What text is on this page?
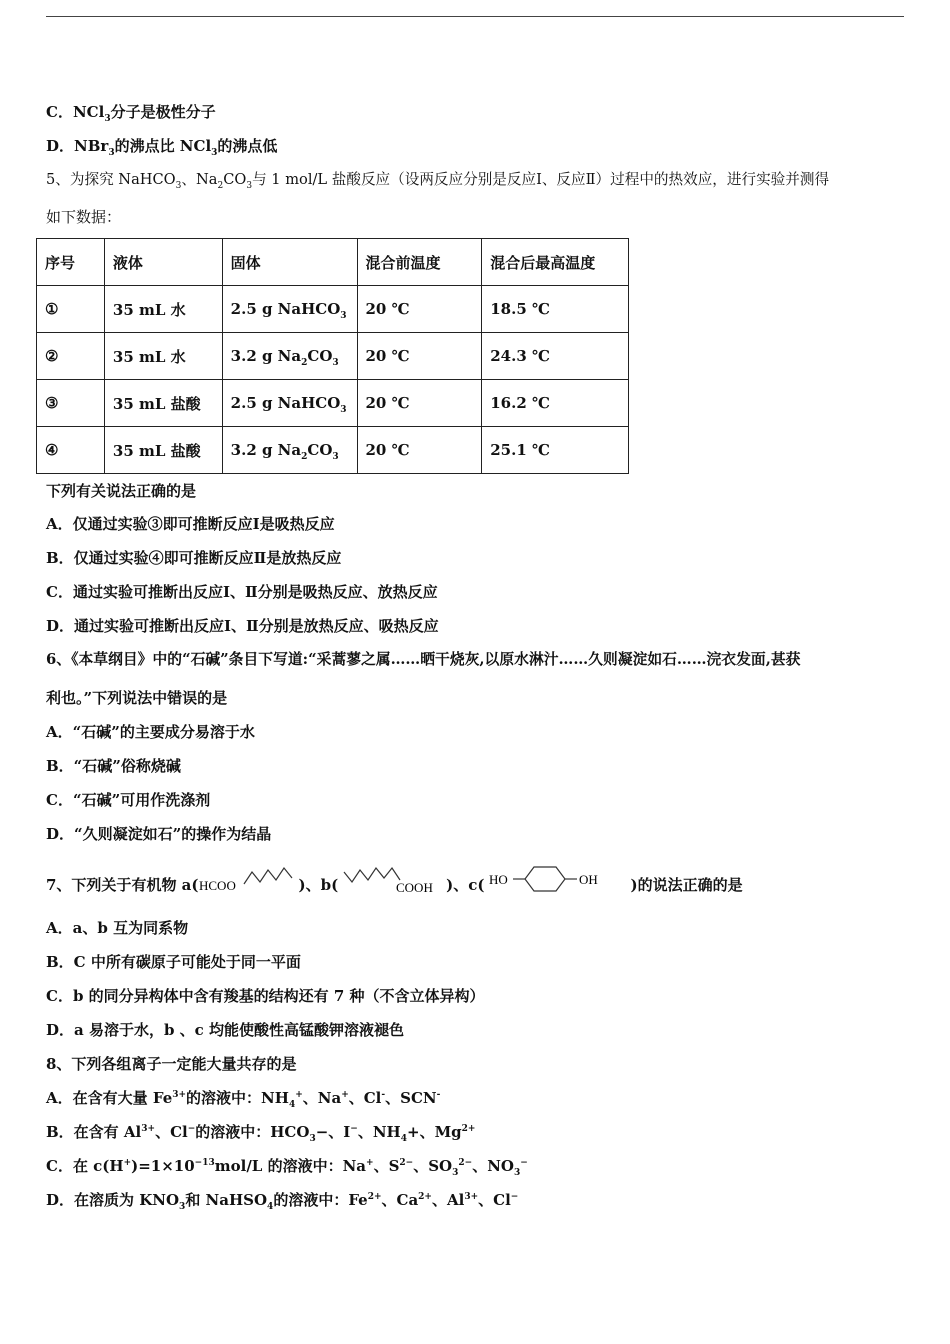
C．NCl$_3$分子是极性分子
D．NBr$_3$的沸点比 NCl$_3$的沸点低
5、为探究 NaHCO$_3$、$Na_2CO_3$与 1 mol/L 盐酸反应（设两反应分别是反应Ⅰ、反应Ⅱ）过程中的热效应，进行实验并测得
如下数据：
序号	液体	固体	混合前温度	混合后最高温度
①	35 mL 水	2.5 g NaHCO$_3$	20 ℃	18.5 ℃
②	35 mL 水	3.2 g $Na_2CO_3$	20 ℃	24.3 ℃
③	35 mL 盐酸	2.5 g NaHCO$_3$	20 ℃	16.2 ℃
④	35 mL 盐酸	3.2 g $Na_2CO_3$	20 ℃	25.1 ℃
下列有关说法正确的是
A．仅通过实验③即可推断反应Ⅰ是吸热反应
B．仅通过实验④即可推断反应Ⅱ是放热反应
C．通过实验可推断出反应Ⅰ、Ⅱ分别是吸热反应、放热反应
D．通过实验可推断出反应Ⅰ、Ⅱ分别是放热反应、吸热反应
6、《本草纲目》中的“石碱”条目下写道:“采蒿蓼之属……晒干烧灰,以原水淋汁……久则凝淀如石……浣衣发面,甚获
利也。”下列说法中错误的是
A．“石碱”的主要成分易溶于水
B．“石碱”俗称烧碱
C．“石碱”可用作洗涤剂
D．“久则凝淀如石”的操作为结晶
7、下列关于有机物 a( HCOO	)、b(	COOH )、c( HO	OH )的说法正确的是
A．a、b 互为同系物
B．C 中所有碳原子可能处于同一平面
C．b 的同分异构体中含有羧基的结构还有 7 种（不含立体异构）
D．a 易溶于水，b 、c 均能使酸性高锰酸钾溶液褪色
8、下列各组离子一定能大量共存的是
A．在含有大量 $Fe^{3+}$的溶液中：$NH_4^+$、Na+、Cl-、SCN-
B．在含有 $Al^{3+}$、Cl−的溶液中：$HCO_3-$、I−、$NH_4+$、$Mg^{2+}$
C．在 $c(H^+)=1\times 10^{-13}mol/L$ 的溶液中：Na+、$S^{2-}$、$SO_3^{2-}$、$NO_3^-$
D．在溶质为 $KNO_3$和 NaHSO$_4$的溶液中：$Fe^{2+}$、$Ca^{2+}$、$Al^{3+}$、Cl−
